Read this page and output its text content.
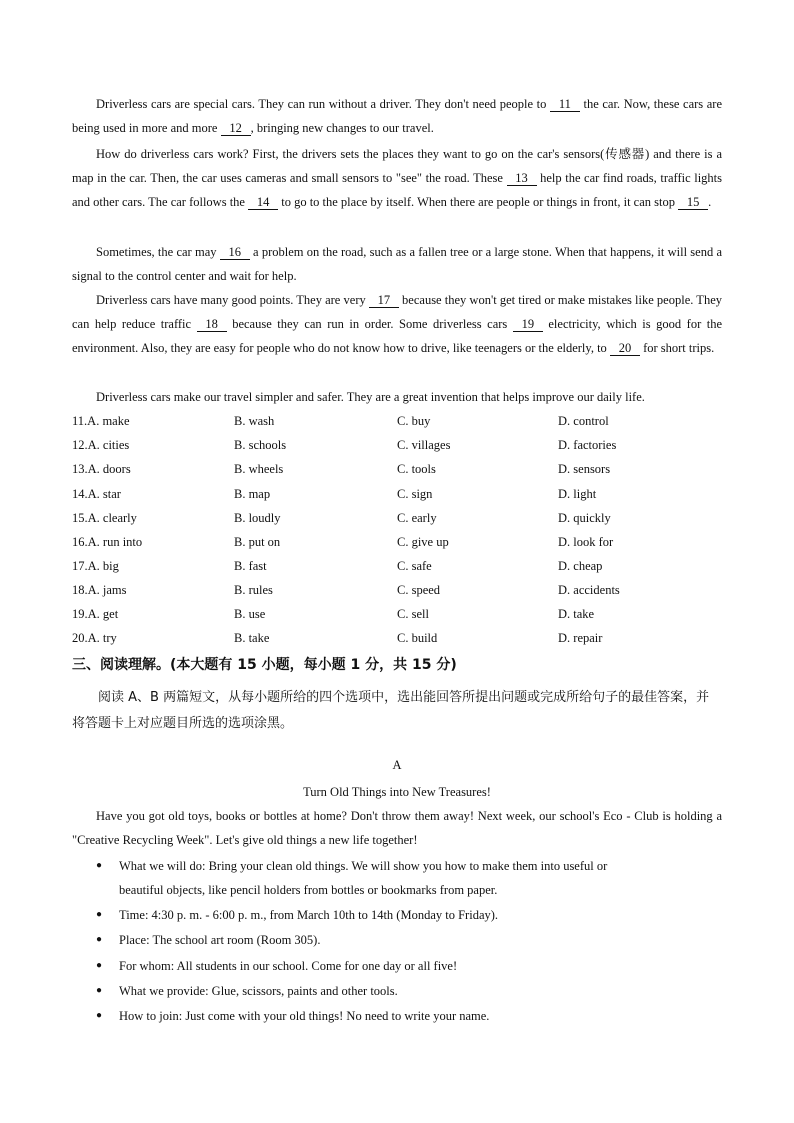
Driverless cars are special cars. They can run without a driver. They don't need people to 11 the car. Now, these cars are being used in more and more 12 , bringing new changes to our travel.

How do driverless cars work? First, the drivers sets the places they want to go on the car's sensors(传感器) and there is a map in the car. Then, the car uses cameras and small sensors to "see" the road. These 13 help the car find roads, traffic lights and other cars. The car follows the 14 to go to the place by itself. When there are people or things in front, it can stop 15 .

Sometimes, the car may 16 a problem on the road, such as a fallen tree or a large stone. When that happens, it will send a signal to the control center and wait for help.

Driverless cars have many good points. They are very 17 because they won't get tired or make mistakes like people. They can help reduce traffic 18 because they can run in order. Some driverless cars 19 electricity, which is good for the environment. Also, they are easy for people who do not know how to drive, like teenagers or the elderly, to 20 for short trips.

Driverless cars make our travel simpler and safer. They are a great invention that helps improve our daily life.

11.A. make	B. wash	C. buy	D. control
12.A. cities	B. schools	C. villages	D. factories
13.A. doors	B. wheels	C. tools	D. sensors
14.A. star	B. map	C. sign	D. light
15.A. clearly	B. loudly	C. early	D. quickly
16.A. run into	B. put on	C. give up	D. look for
17.A. big	B. fast	C. safe	D. cheap
18.A. jams	B. rules	C. speed	D. accidents
19.A. get	B. use	C. sell	D. take
20.A. try	B. take	C. build	D. repair
三、阅读理解。(本大题有 15 小题，每小题 1 分，共 15 分)

阅读 A、B 两篇短文，从每小题所给的四个选项中，选出能回答所提出问题或完成所给句子的最佳答案，并将答题卡上对应题目所选的选项涂黑。

A
Turn Old Things into New Treasures!

Have you got old toys, books or bottles at home? Don't throw them away! Next week, our school's Eco - Club is holding a "Creative Recycling Week". Let's give old things a new life together!

● What we will do: Bring your clean old things. We will show you how to make them into useful or
beautiful objects, like pencil holders from bottles or bookmarks from paper.
● Time: 4:30 p. m. - 6:00 p. m., from March 10th to 14th (Monday to Friday).
● Place: The school art room (Room 305).
● For whom: All students in our school. Come for one day or all five!
● What we provide: Glue, scissors, paints and other tools.
● How to join: Just come with your old things! No need to write your name.
